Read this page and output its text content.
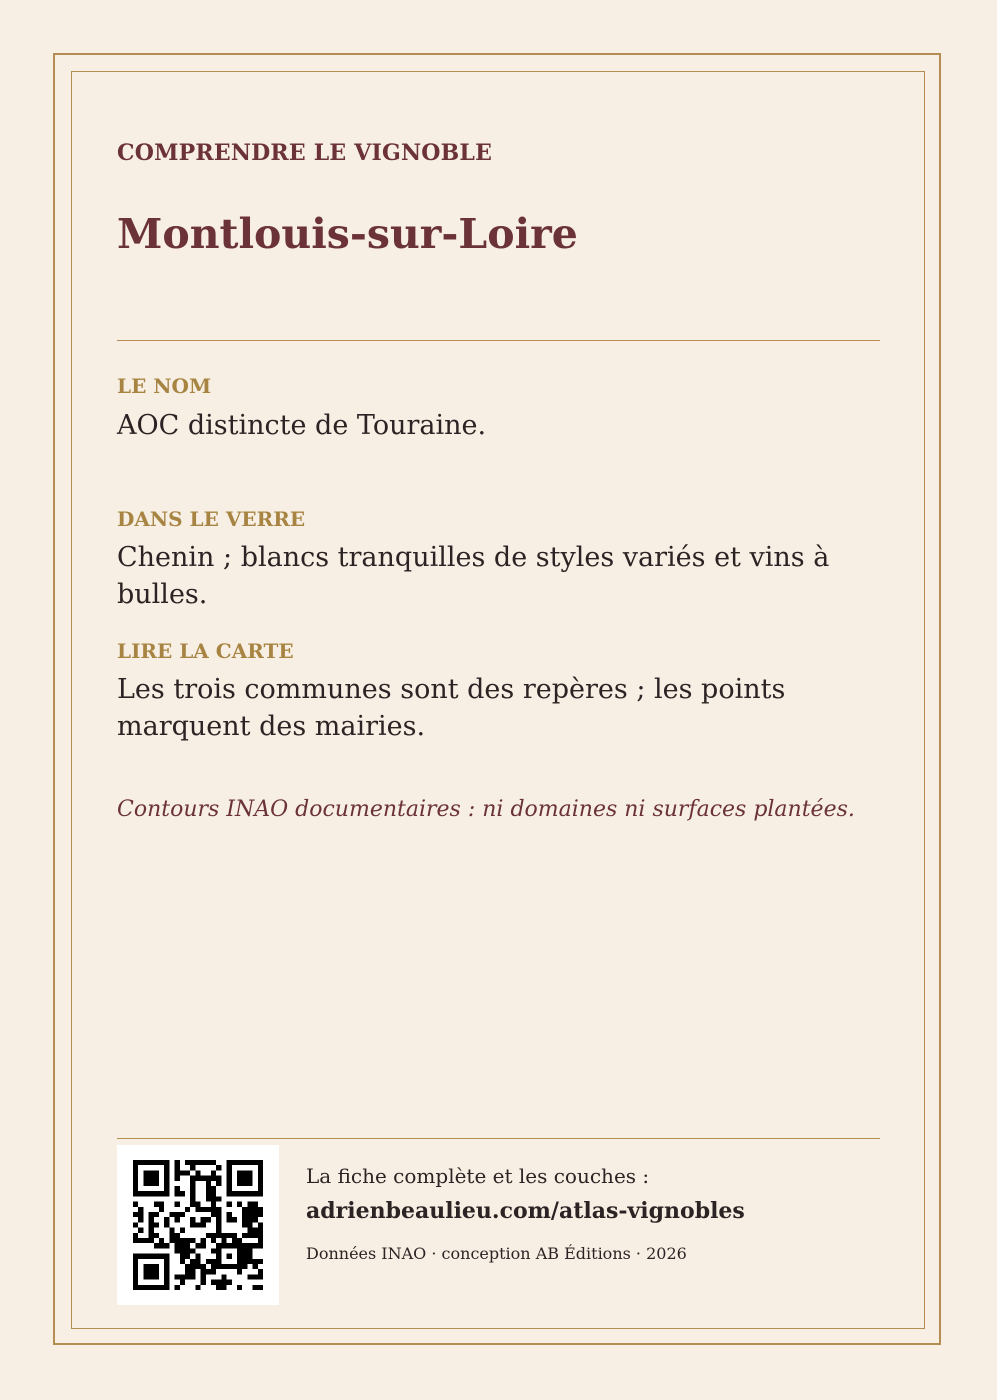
COMPRENDRE LE VIGNOBLE

Montlouis-sur-Loire

LE NOM

AOC distincte de Touraine.

DANS LE VERRE

Chenin ; blancs tranquilles de styles variés et vins à bulles.

LIRE LA CARTE

Les trois communes sont des repères ; les points marquent des mairies.

Contours INAO documentaires : ni domaines ni surfaces plantées.

La fiche complète et les couches :

adrienbeaulieu.com/atlas-vignobles

Données INAO · conception AB Éditions · 2026
